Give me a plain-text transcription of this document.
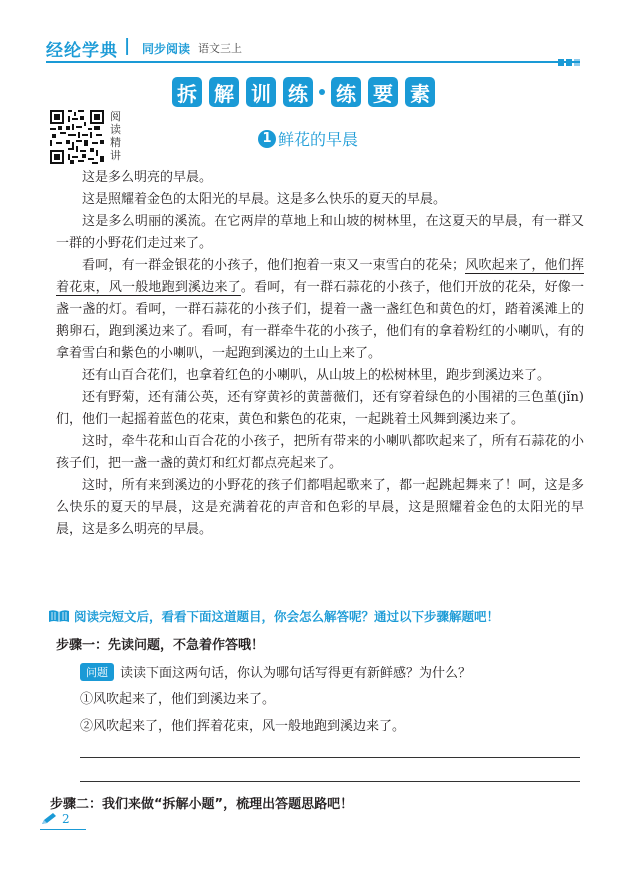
经纶学典 | 同步阅读 语文三上
拆 解 训 练 练 要 素
阅
读
精
讲
1 鲜花的早晨

这是多么明亮的早晨。

这是照耀着金色的太阳光的早晨。这是多么快乐的夏天的早晨。

这是多么明丽的溪流。在它两岸的草地上和山坡的树林里，在这夏天的早晨，有一群又一群的小野花们走过来了。

看呵，有一群金银花的小孩子，他们抱着一束又一束雪白的花朵；风吹起来了，他们挥着花束，风一般地跑到溪边来了。看呵，有一群石蒜花的小孩子，他们开放的花朵，好像一盏一盏的灯。看呵，一群石蒜花的小孩子们，提着一盏一盏红色和黄色的灯，踏着溪滩上的鹅卵石，跑到溪边来了。看呵，有一群牵牛花的小孩子，他们有的拿着粉红的小喇叭，有的拿着雪白和紫色的小喇叭，一起跑到溪边的土山上来了。

还有山百合花们，也拿着红色的小喇叭，从山坡上的松树林里，跑步到溪边来了。

还有野菊，还有蒲公英，还有穿黄衫的黄蔷薇们，还有穿着绿色的小围裙的三色堇(jǐn)们，他们一起摇着蓝色的花束，黄色和紫色的花束，一起跳着土风舞到溪边来了。

这时，牵牛花和山百合花的小孩子，把所有带来的小喇叭都吹起来了，所有石蒜花的小孩子们，把一盏一盏的黄灯和红灯都点亮起来了。

这时，所有来到溪边的小野花的孩子们都唱起歌来了，都一起跳起舞来了！呵，这是多么快乐的夏天的早晨，这是充满着花的声音和色彩的早晨，这是照耀着金色的太阳光的早晨，这是多么明亮的早晨。

阅读完短文后，看看下面这道题目，你会怎么解答呢？通过以下步骤解题吧！
步骤一：先读问题，不急着作答哦！
问题 读读下面这两句话，你认为哪句话写得更有新鲜感？为什么？
①风吹起来了，他们到溪边来了。
②风吹起来了，他们挥着花束，风一般地跑到溪边来了。
步骤二：我们来做“拆解小题”，梳理出答题思路吧！
2
